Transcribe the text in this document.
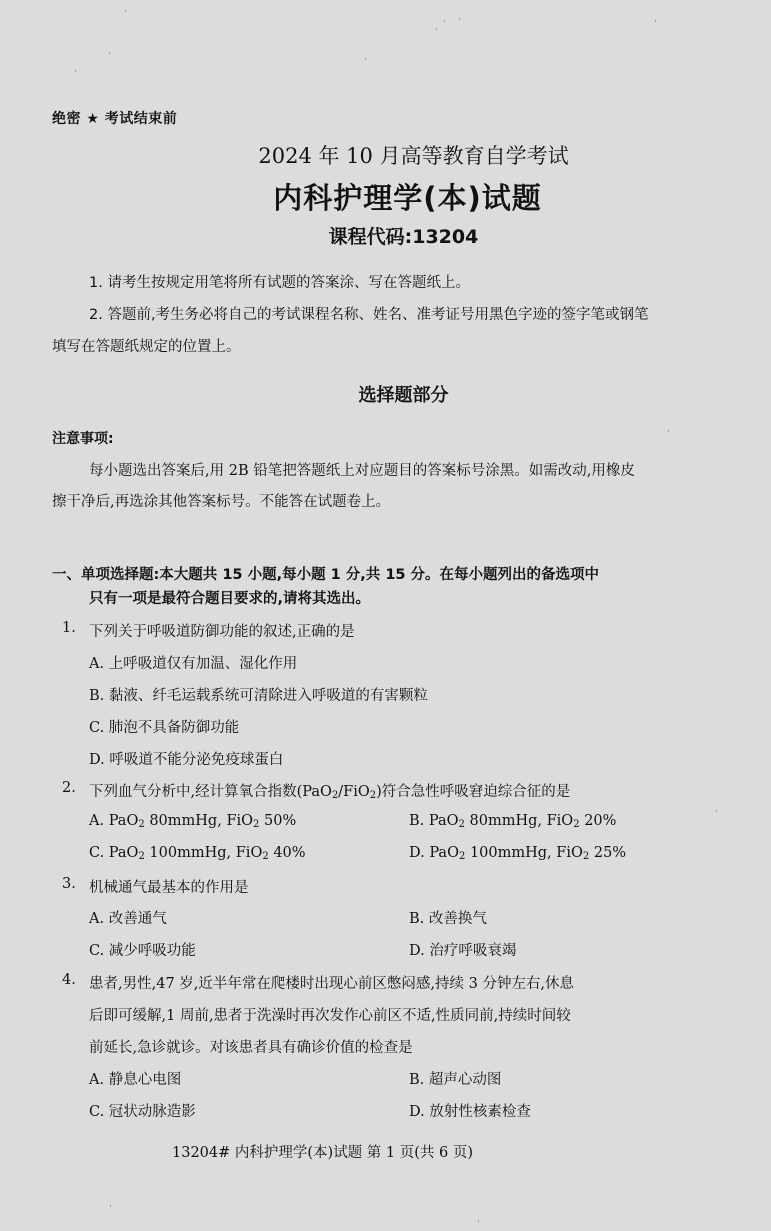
绝密 ★ 考试结束前
2024 年 10 月高等教育自学考试
内科护理学(本)试题
课程代码:13204
1. 请考生按规定用笔将所有试题的答案涂、写在答题纸上。
2. 答题前,考生务必将自己的考试课程名称、姓名、准考证号用黑色字迹的签字笔或钢笔
填写在答题纸规定的位置上。
选择题部分
注意事项:
每小题选出答案后,用 2B 铅笔把答题纸上对应题目的答案标号涂黑。如需改动,用橡皮
擦干净后,再选涂其他答案标号。不能答在试题卷上。
一、单项选择题:本大题共 15 小题,每小题 1 分,共 15 分。在每小题列出的备选项中
只有一项是最符合题目要求的,请将其选出。
1. 下列关于呼吸道防御功能的叙述,正确的是
A. 上呼吸道仅有加温、湿化作用
B. 黏液、纤毛运载系统可清除进入呼吸道的有害颗粒
C. 肺泡不具备防御功能
D. 呼吸道不能分泌免疫球蛋白
2. 下列血气分析中,经计算氧合指数(PaO$_2$/FiO$_2$)符合急性呼吸窘迫综合征的是
A. PaO$_2$ 80mmHg, FiO$_2$ 50%	B. PaO$_2$ 80mmHg, FiO$_2$ 20%
C. PaO$_2$ 100mmHg, FiO$_2$ 40%	D. PaO$_2$ 100mmHg, FiO$_2$ 25%
3. 机械通气最基本的作用是
A. 改善通气	B. 改善换气
C. 减少呼吸功能	D. 治疗呼吸衰竭
4. 患者,男性,47 岁,近半年常在爬楼时出现心前区憋闷感,持续 3 分钟左右,休息
后即可缓解,1 周前,患者于洗澡时再次发作心前区不适,性质同前,持续时间较
前延长,急诊就诊。对该患者具有确诊价值的检查是
A. 静息心电图	B. 超声心动图
C. 冠状动脉造影	D. 放射性核素检查
13204# 内科护理学(本)试题 第 1 页(共 6 页)
